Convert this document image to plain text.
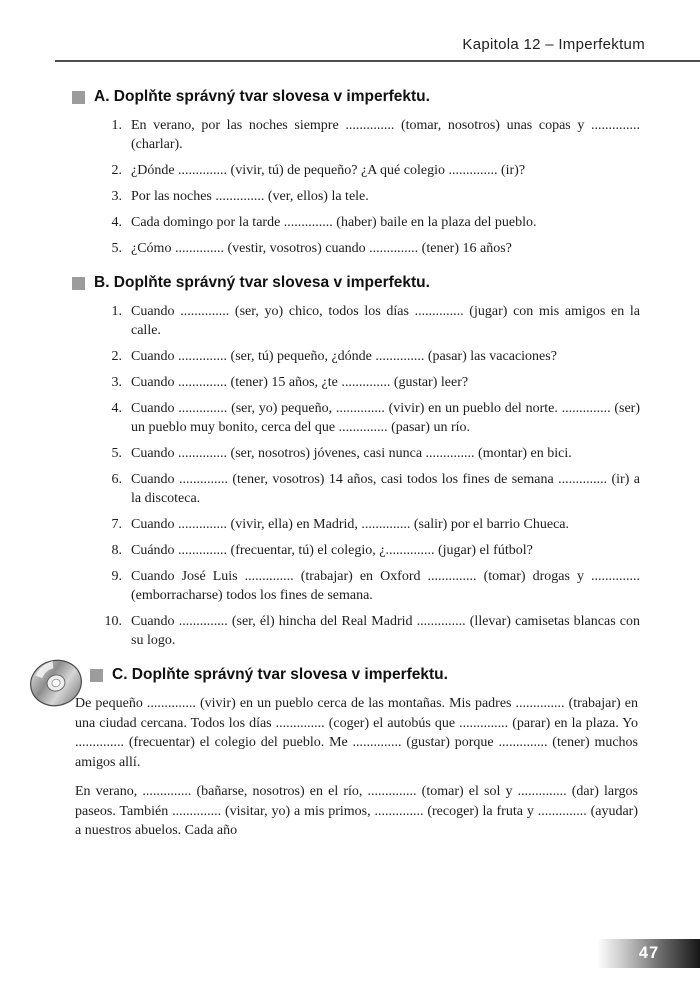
Kapitola 12 – Imperfektum
A. Doplňte správný tvar slovesa v imperfektu.
1. En verano, por las noches siempre .............. (tomar, nosotros) unas copas y .............. (charlar).
2. ¿Dónde .............. (vivir, tú) de pequeño? ¿A qué colegio .............. (ir)?
3. Por las noches .............. (ver, ellos) la tele.
4. Cada domingo por la tarde .............. (haber) baile en la plaza del pueblo.
5. ¿Cómo .............. (vestir, vosotros) cuando .............. (tener) 16 años?
B. Doplňte správný tvar slovesa v imperfektu.
1. Cuando .............. (ser, yo) chico, todos los días .............. (jugar) con mis amigos en la calle.
2. Cuando .............. (ser, tú) pequeño, ¿dónde .............. (pasar) las vacaciones?
3. Cuando .............. (tener) 15 años, ¿te .............. (gustar) leer?
4. Cuando .............. (ser, yo) pequeño, .............. (vivir) en un pueblo del norte. .............. (ser) un pueblo muy bonito, cerca del que .............. (pasar) un río.
5. Cuando .............. (ser, nosotros) jóvenes, casi nunca .............. (montar) en bici.
6. Cuando .............. (tener, vosotros) 14 años, casi todos los fines de semana .............. (ir) a la discoteca.
7. Cuando .............. (vivir, ella) en Madrid, .............. (salir) por el barrio Chueca.
8. Cuándo .............. (frecuentar, tú) el colegio, ¿.............. (jugar) el fútbol?
9. Cuando José Luis .............. (trabajar) en Oxford .............. (tomar) drogas y .............. (emborracharse) todos los fines de semana.
10. Cuando .............. (ser, él) hincha del Real Madrid .............. (llevar) camisetas blancas con su logo.
C. Doplňte správný tvar slovesa v imperfektu.
De pequeño .............. (vivir) en un pueblo cerca de las montañas. Mis padres .............. (trabajar) en una ciudad cercana. Todos los días .............. (coger) el autobús que .............. (parar) en la plaza. Yo .............. (frecuentar) el colegio del pueblo. Me .............. (gustar) porque .............. (tener) muchos amigos allí.
En verano, .............. (bañarse, nosotros) en el río, .............. (tomar) el sol y .............. (dar) largos paseos. También .............. (visitar, yo) a mis primos, .............. (recoger) la fruta y .............. (ayudar) a nuestros abuelos. Cada año
47
